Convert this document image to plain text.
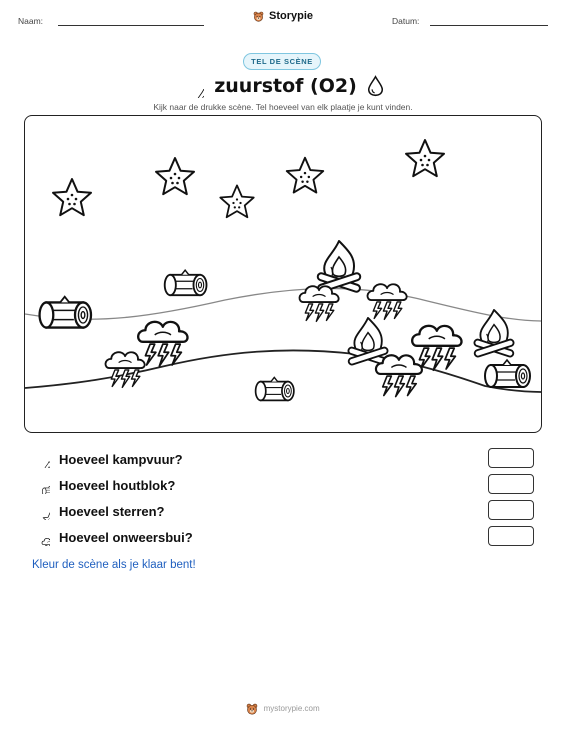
Naam:	Storypie	Datum:
TEL DE SCÈNE
zuurstof (O2)
Kijk naar de drukke scène. Tel hoeveel van elk plaatje je kunt vinden.
Hoeveel kampvuur?
Hoeveel houtblok?
Hoeveel sterren?
Hoeveel onweersbui?
Kleur de scène als je klaar bent!
mystorypie.com
